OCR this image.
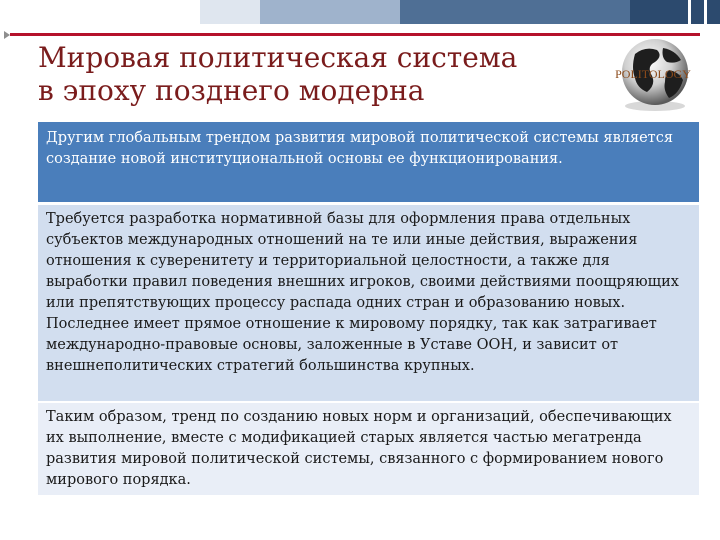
Мировая политическая система
в эпоху позднего модерна	POLITOLOGY

Другим глобальным трендом развития мировой политической системы является создание новой институциональной основы ее функционирования.

Требуется разработка нормативной базы для оформления права отдельных субъектов международных отношений на те или иные действия, выражения отношения к суверенитету и территориальной целостности, а также для выработки правил поведения внешних игроков, своими действиями поощряющих или препятствующих процессу распада одних стран и образованию новых.

Последнее имеет прямое отношение к мировому порядку, так как затрагивает международно-правовые основы, заложенные в Уставе ООН, и зависит от внешнеполитических стратегий большинства крупных.

Таким образом, тренд по созданию новых норм и организаций, обеспечивающих их выполнение, вместе с модификацией старых является частью мегатренда развития мировой политической системы, связанного с формированием нового мирового порядка.
